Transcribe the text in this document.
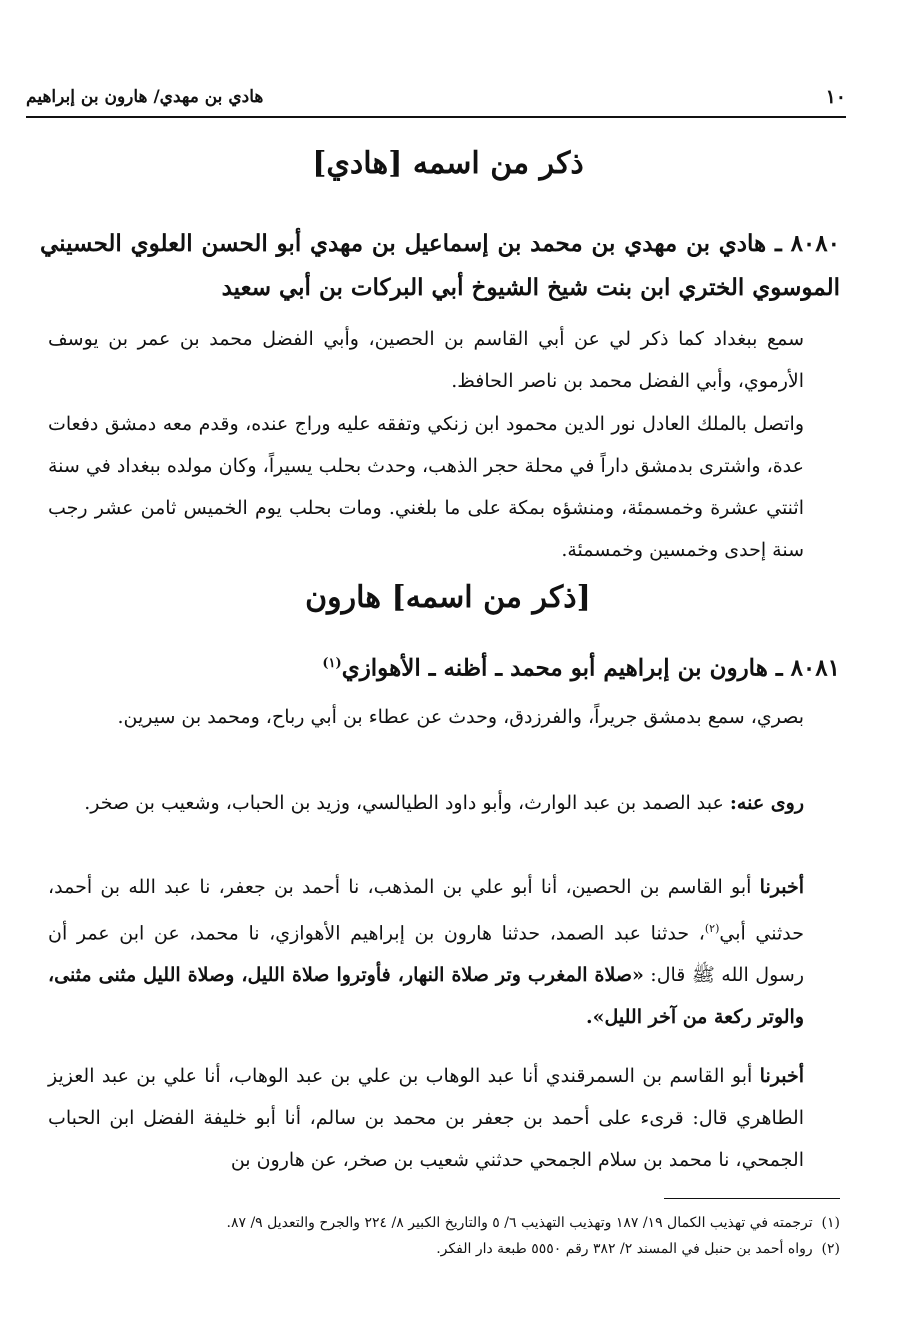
١٠
هادي بن مهدي/ هارون بن إبراهيم
ذكر من اسمه [هادي]
٨٠٨٠ ـ هادي بن مهدي بن محمد بن إسماعيل بن مهدي أبو الحسن العلوي الحسيني الموسوي الختري ابن بنت شيخ الشيوخ أبي البركات بن أبي سعيد
سمع ببغداد كما ذكر لي عن أبي القاسم بن الحصين، وأبي الفضل محمد بن عمر بن يوسف الأرموي، وأبي الفضل محمد بن ناصر الحافظ.
واتصل بالملك العادل نور الدين محمود ابن زنكي وتفقه عليه وراج عنده، وقدم معه دمشق دفعات عدة، واشترى بدمشق داراً في محلة حجر الذهب، وحدث بحلب يسيراً، وكان مولده ببغداد في سنة اثنتي عشرة وخمسمئة، ومنشؤه بمكة على ما بلغني. ومات بحلب يوم الخميس ثامن عشر رجب سنة إحدى وخمسين وخمسمئة.
[ذكر من اسمه] هارون
٨٠٨١ ـ هارون بن إبراهيم أبو محمد ـ أظنه ـ الأهوازي$^{(١)}$
بصري، سمع بدمشق جريراً، والفرزدق، وحدث عن عطاء بن أبي رباح، ومحمد بن سيرين.
روى عنه: عبد الصمد بن عبد الوارث، وأبو داود الطيالسي، وزيد بن الحباب، وشعيب بن صخر.
أخبرنا أبو القاسم بن الحصين، أنا أبو علي بن المذهب، نا أحمد بن جعفر، نا عبد الله بن أحمد، حدثني أبي$^{(٢)}$، حدثنا عبد الصمد، حدثنا هارون بن إبراهيم الأهوازي، نا محمد، عن ابن عمر أن رسول الله ﷺ قال: «صلاة المغرب وتر صلاة النهار، فأوتروا صلاة الليل، وصلاة الليل مثنى مثنى، والوتر ركعة من آخر الليل».
أخبرنا أبو القاسم بن السمرقندي أنا عبد الوهاب بن علي بن عبد الوهاب، أنا علي بن عبد العزيز الطاهري قال: قرىء على أحمد بن جعفر بن محمد بن سالم، أنا أبو خليفة الفضل ابن الحباب الجمحي، نا محمد بن سلام الجمحي حدثني شعيب بن صخر، عن هارون بن
(١)  ترجمته في تهذيب الكمال ١٩/ ١٨٧ وتهذيب التهذيب ٦/ ٥ والتاريخ الكبير ٨/ ٢٢٤ والجرح والتعديل ٩/ ٨٧.
(٢)  رواه أحمد بن حنبل في المسند ٢/ ٣٨٢ رقم ٥٥٥٠ طبعة دار الفكر.
